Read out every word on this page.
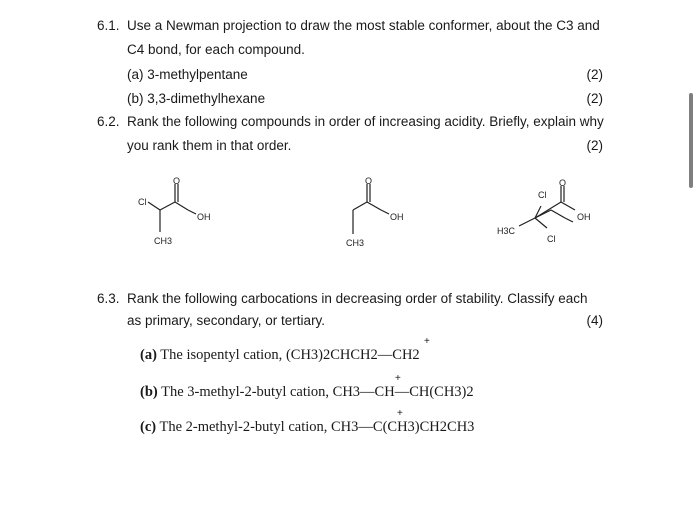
6.1. Use a Newman projection to draw the most stable conformer, about the C3 and
C4 bond, for each compound.
(a) 3-methylpentane	(2)
(b) 3,3-dimethylhexane	(2)
6.2. Rank the following compounds in order of increasing acidity. Briefly, explain why
you rank them in that order.	(2)
Cl
O
OH
CH3
O
OH
CH3
Cl
O
OH
H3C
Cl
6.3. Rank the following carbocations in decreasing order of stability. Classify each
as primary, secondary, or tertiary.	(4)
(a) The isopentyl cation, (CH3)2CHCH2—CH2
(b) The 3-methyl-2-butyl cation, CH3—CH—CH(CH3)2
(c) The 2-methyl-2-butyl cation, CH3—C(CH3)CH2CH3
+
+
+
